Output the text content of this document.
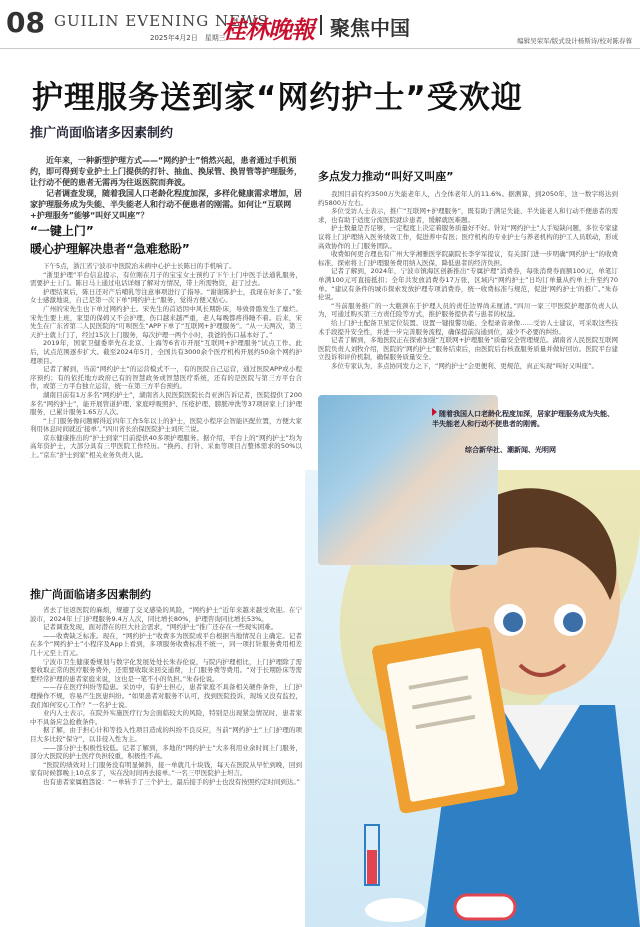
08 GUILIN EVENING NEWS
2025年4月2日　星期三
桂林晚報 聚焦中国
编辑吴荣军/版式设计杨斯诗/校对陈春蓉
护理服务送到家“网约护士”受欢迎
推广尚面临诸多因素制约

近年来，一种新型护理方式——“网约护士”悄然兴起，患者通过手机预约，即可得到专业护士上门提供的打针、抽血、换尿管、换胃管等护理服务，让行动不便的患者无需再为往返医院而奔波。

记者调查发现，随着我国人口老龄化程度加深，多样化健康需求增加，居家护理服务成为失能、半失能老人和行动不便患者的刚需。如何让“互联网+护理服务”能够“叫好又叫座”？

“一键上门”
暖心护理解决患者“急难愁盼”

下午5点，浙江省宁波市中医院治未病中心护士长陈日的手机响了。

“浙里护理”平台信息提示，有位刚在月子的宝宝女士预约了下午上门中医手法通乳服务，需要护士上门。陈日马上通过电话详细了解对方情况，带上所需物资，赶了过去。

护理结束后，陈日还对产后哺乳等注意事项进行了指导。“谢谢陈护士，我现在好多了。”张女士感激地说，自己是第一次下单“网约护士”服务，觉得方便又贴心。

广州的宋先生也下单过网约护士。宋先生的首适因中风长期卧床，导致骨骼发生了糜烂。宋先生要上班，家里的保姆又不会护理，伤口越来越严重，老人每晚都疼得睡不着。后来，宋先生在广东省第二人民医院的“叮呗医生”APP下单了“互联网+护理服务”。“从一天两次，第三天护士就上门了，经过15次上门服务，每次护理一两个小时，我爸的伤口基本好了。”

2019年，国家卫健委率先在北京、上海等6省市开展“互联网+护理服务”试点工作。此后，试点范围逐步扩大。截至2024年5月，全国共有3000余个医疗机构开展约50余个网约护理项目。

记者了解到，当前“网约护士”的运营模式不一，有的医院自己运营，通过医院APP或小程序预约；有的依托地方政府已有的智慧政务或智慧医疗系统，还有的是医院与第三方平台合作，或第三方平台独立运营，统一在第三方平台预约。

湖南目前有1万多名“网约护士”，湖南省人民医院医院长肖亚洲告诉记者，医院提供了200多名“网约护士”，能开展管道护理、家庭呼吸照护、压疮护理、膀胱冲洗等37项居家上门护理服务，已累计服务1.65万人次。

“上门服务像问题解得近四年工作5年以上的护士，医院小程序会智能匹配位置，方便大家利用休息时间就近‘接单’。”四川省长治保医院护士刘庆兰说。

京东健康推出的“护士到家”目前提供40多项护理服务。据介绍，平台上的“网约护士”均为高年资护士，大部分具有三甲医院工作经历。“换药、打针、采血等项目占整体需求的50%以上。”京东“护士到家”相关业务负责人说。

多点发力推动“叫好又叫座”

我国目前有约3500万失能老年人，占全体老年人的11.6%。据测算，到2050年，这一数字将达到约5800万左右。

多位受访人士表示，推广“互联网+护理服务”，既有助于满足失能、半失能老人和行动不便患者的需求，也有助于适度分流医院就诊患者，缓解就医难题。

护士数量是否足够，一定程度上决定着服务质量好不好。针对“网约护士”人手短缺问题，多位专家建议将上门护理纳入医务绩效工作，促进养中有医；医疗机构的专业护士与养老机构的护工人员联动，形成高效协作的上门服务团队。

收费如何更合理也有广州大学湘雅医学院副院长李学军提议，有关部门进一步明确“网约护士”的收费标准，探索将上门护理服务费用纳入医保，降低患者的经济负担。

记者了解到，2024年，宁波市镇海区创新推出“专属护理”消费券，每张消费券面额100元，单笔订单满100元可直接抵扣；全年共发放消费券17万张，区域内“网约护士”日均订单量从约单上升至约70单。“建议有条件的城市探索发放护理专项消费券，统一收费标准与规范，促进‘网约护士’的推广。”朱春伦说。

“当前服务推广的一大瓶颈在于护理人员的责任边界尚未厘清。”四川一家三甲医院护理部负责人认为，可通过购买第三方责任险等方式，推护服务提供者与患者的权益。

给上门护士配备卫星定位装置、设置一键报警功能、全程录音录像……受访人士建议，可采取这些技术手段提升安全性，并进一步完善服务流程，确保提前沟通到位，减少不必要的纠纷。

记者了解到，多地医院正在探索加强“互联网+护理服务”质量安全管理规范。湖南省人民医院互联网医院负责人刘牧介绍，医院的“网约护士”服务结束后，由医院后台核查服务质量并做好回访。医院平台建立投诉和评价机制，确保服务质量安全。

多位专家认为，多点协同发力之下，“网约护士”会更便利、更规范，真正实现“叫好又叫座”。

随着我国人口老龄化程度加深，居家护理服务成为失能、半失能老人和行动不便患者的刚需。
综合新华社、潮新闻、光明网
推广尚面临诸多因素制约

省去了往返医院的麻烦，规避了交叉感染的风险，“网约护士”近年来越来越受欢迎。在宁波市，2024年上门护理服务9.4万人次，同比增长80%，护理咨询同比增长53%。

记者调查发现，面对潜在的巨大社会需求，“网约护士”推广还存在一些现实困难。

——收费缺乏标准。现在，“网约护士”收费多为医院或平台根据当地情况自主确定。记者在多个“网约护士”小程序及App上看到，多项服务收费标准不统一，同一项打针服务费用相差几十元至上百元。

宁波市卫生健康委规划与数字化发展处处长朱春伦说，与院内护理相比，上门护理除了需要收取正常的医疗服务费外，还需要收取来回交通费，上门服务费等费用。“对于长期卧床等需要经常护理的患者家庭来说，这也是一笔不小的负担。”朱春伦说。

——存在医疗纠纷等隐患。采访中，有护士担心，患者家庭不具备相关硬件条件，上门护理操作不规，容易产生医患纠纷。“如果患者对服务不认可，找到医院投诉，现场又没有监控，我们如何安心工作？”一名护士说。

业内人士表示，在院外实施医疗行为会面临较大的风险，特别是出现紧急情况时，患者家中不具备应急抢救条件。

据了解，由于担心计和等投入性项目造成的纠纷不良反应，当前“网约护士”上门护理的项目大多比较“保守”，以非侵入性为主。

——部分护士积极性较低。记者了解到，多地的“网约护士”大多利用业余时间上门服务，部分大医院的护士医疗负担较重，积极性不高。

“医院的绩效对上门服务没有明显倾斜，接一单就几十块钱，每天在医院从早忙到晚，回到家有时候都晚上10点多了，实在没时间再去接单。”一名三甲医院护士坦言。

也有患者家属抱怨说：“一单转手了三个护士，最后接手的护士也没有按照约定时间到达。”
